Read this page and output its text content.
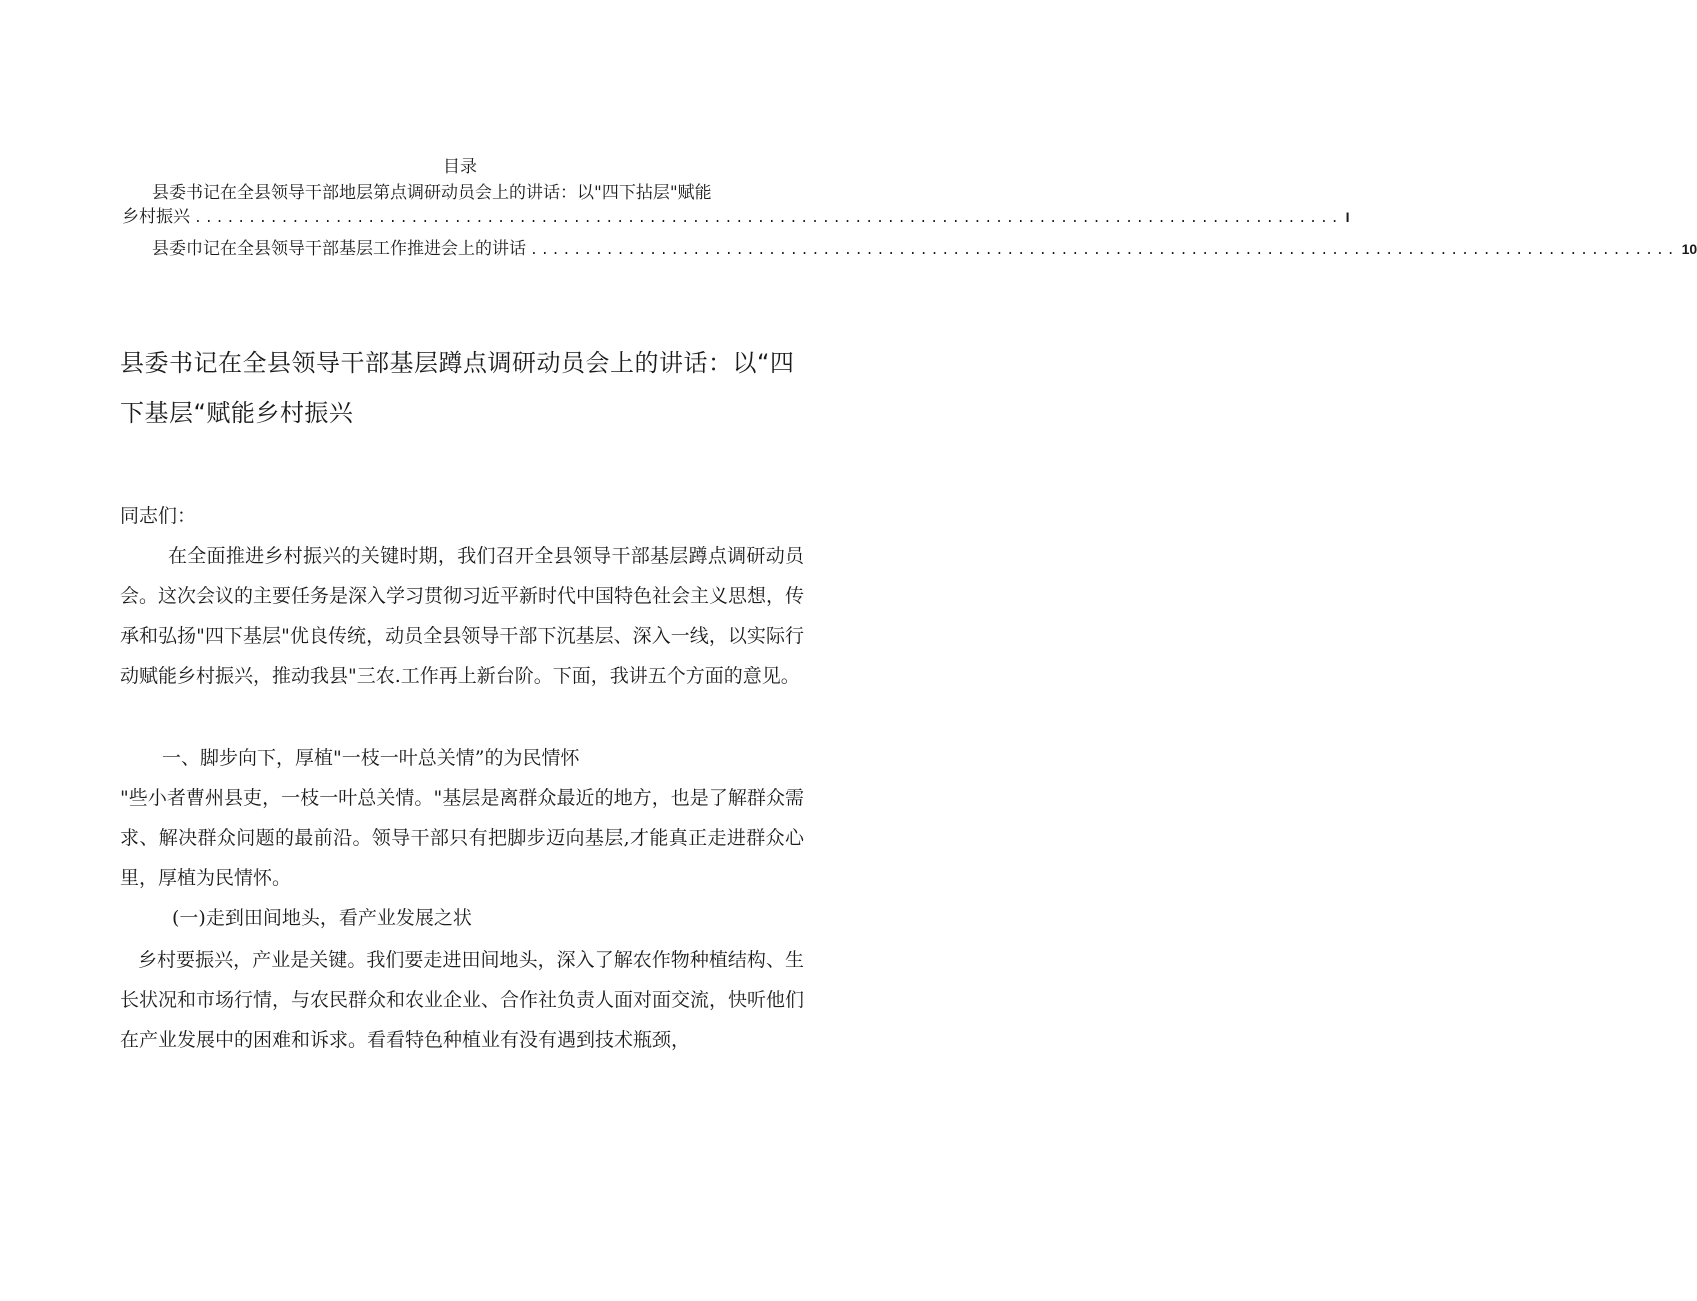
目录
县委书记在全县领导干部地层第点调研动员会上的讲话：以"四下拈层"赋能
乡村振兴 .......................................................................................................... I
县委巾记在全县领导干部基层工作推进会上的讲话 .......................................................................................................... 10
县委书记在全县领导干部基层蹲点调研动员会上的讲话：以“四下基层“赋能乡村振兴
同志们：
在全面推进乡村振兴的关键时期，我们召开全县领导干部基层蹲点调研动员会。这次会议的主要任务是深入学习贯彻习近平新时代中国特色社会主义思想，传承和弘扬"四下基层"优良传统，动员全县领导干部下沉基层、深入一线，以实际行动赋能乡村振兴，推动我县"三农.工作再上新台阶。下面，我讲五个方面的意见。
一、脚步向下，厚植"一枝一叶总关情”的为民情怀
"些小者曹州县吏，一枝一叶总关情。"基层是离群众最近的地方，也是了解群众需求、解决群众问题的最前沿。领导干部只有把脚步迈向基层,才能真正走进群众心里，厚植为民情怀。
(一)走到田间地头，看产业发展之状
乡村要振兴，产业是关键。我们要走进田间地头，深入了解农作物种植结构、生长状况和市场行情，与农民群众和农业企业、合作社负责人面对面交流，快听他们在产业发展中的困难和诉求。看看特色种植业有没有遇到技术瓶颈，
